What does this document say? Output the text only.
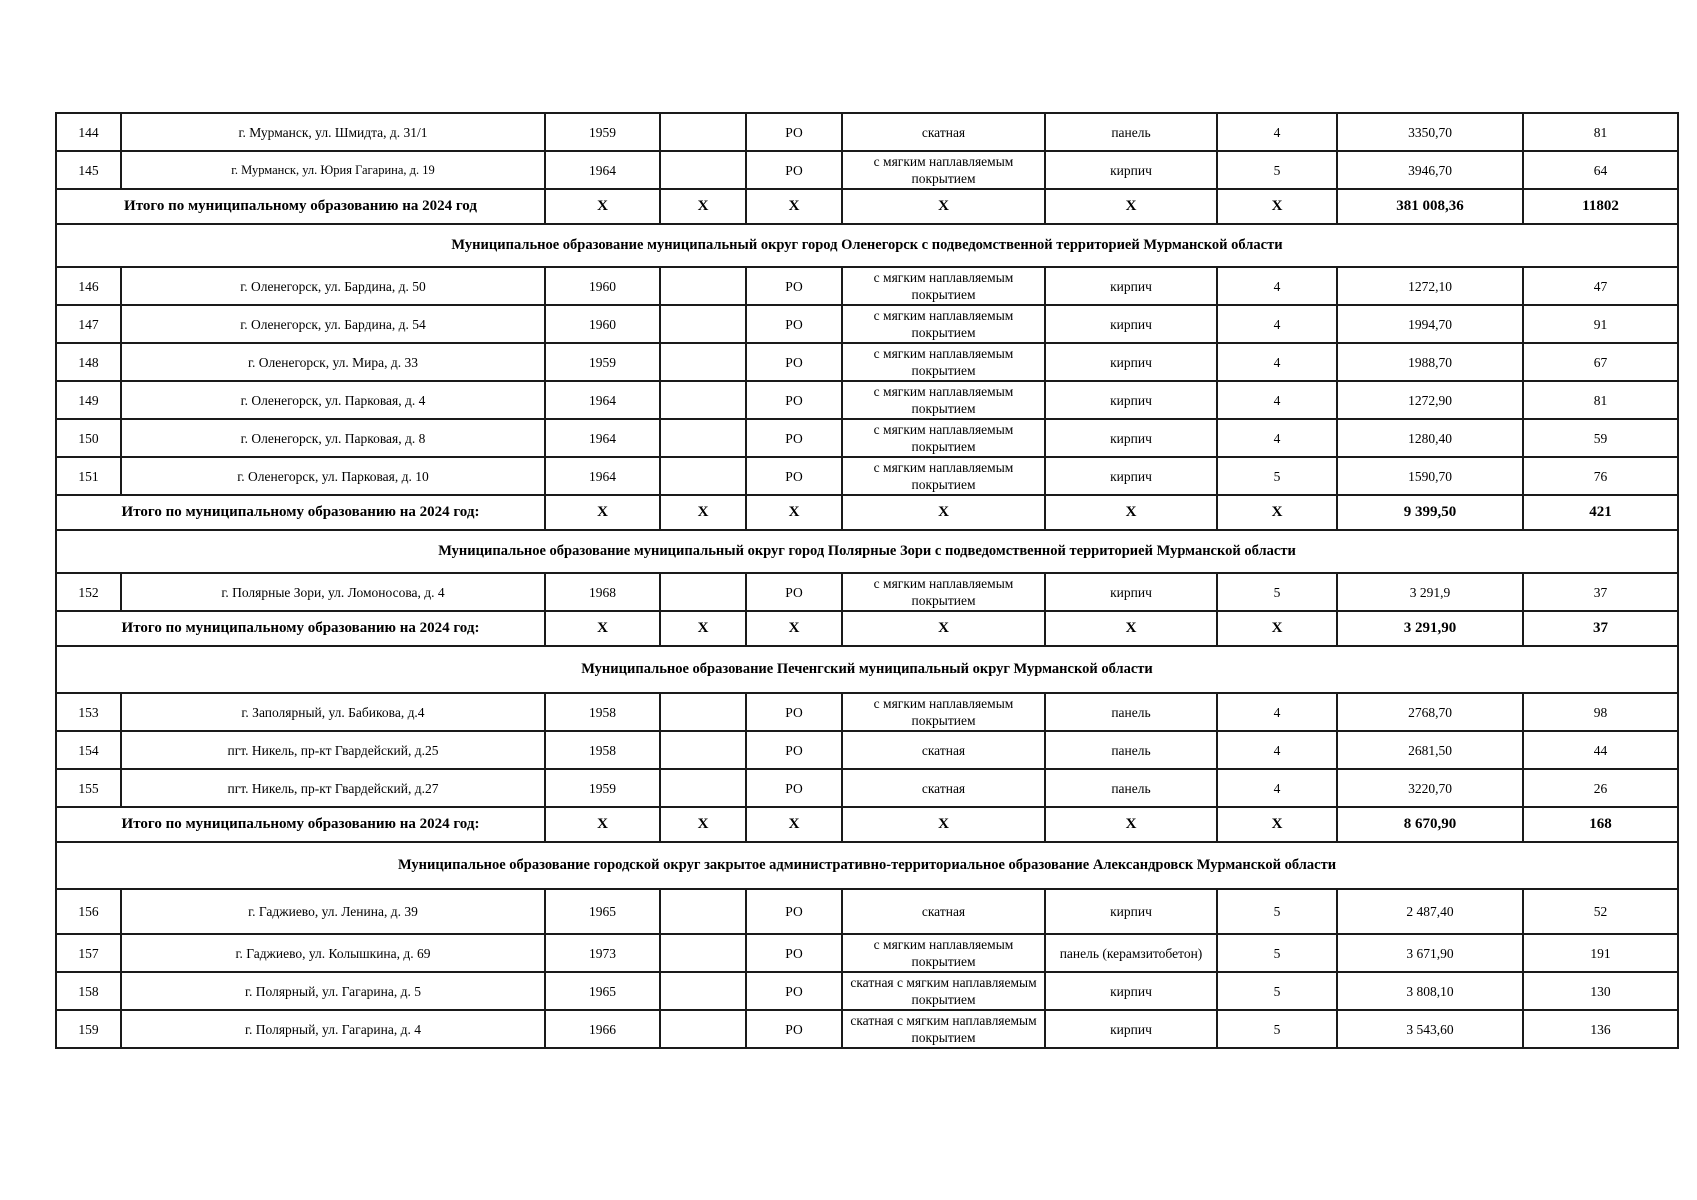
144	г. Мурманск, ул. Шмидта, д. 31/1	1959		РО	скатная	панель	4	3350,70	81
145	г. Мурманск, ул. Юрия Гагарина, д. 19	1964		РО	с мягким наплавляемым покрытием	кирпич	5	3946,70	64
Итого по муниципальному образованию на 2024 год		X	X	X	X	X	X	381 008,36	11802
Муниципальное образование муниципальный округ город Оленегорск с подведомственной территорией Мурманской области									
146	г. Оленегорск, ул. Бардина, д. 50	1960		РО	с мягким наплавляемым покрытием	кирпич	4	1272,10	47
147	г. Оленегорск, ул. Бардина, д. 54	1960		РО	с мягким наплавляемым покрытием	кирпич	4	1994,70	91
148	г. Оленегорск, ул. Мира, д. 33	1959		РО	с мягким наплавляемым покрытием	кирпич	4	1988,70	67
149	г. Оленегорск, ул. Парковая, д. 4	1964		РО	с мягким наплавляемым покрытием	кирпич	4	1272,90	81
150	г. Оленегорск, ул. Парковая, д. 8	1964		РО	с мягким наплавляемым покрытием	кирпич	4	1280,40	59
151	г. Оленегорск, ул. Парковая, д. 10	1964		РО	с мягким наплавляемым покрытием	кирпич	5	1590,70	76
Итого по муниципальному образованию на 2024 год:		X	X	X	X	X	X	9 399,50	421
Муниципальное образование муниципальный округ город Полярные Зори с подведомственной территорией Мурманской области									
152	г. Полярные Зори, ул. Ломоносова, д. 4	1968		РО	с мягким наплавляемым покрытием	кирпич	5	3 291,9	37
Итого по муниципальному образованию на 2024 год:		X	X	X	X	X	X	3 291,90	37
Муниципальное образование Печенгский муниципальный округ Мурманской области									
153	г. Заполярный, ул. Бабикова, д.4	1958		РО	с мягким наплавляемым покрытием	панель	4	2768,70	98
154	пгт. Никель, пр-кт Гвардейский, д.25	1958		РО	скатная	панель	4	2681,50	44
155	пгт. Никель, пр-кт Гвардейский, д.27	1959		РО	скатная	панель	4	3220,70	26
Итого по муниципальному образованию на 2024 год:		X	X	X	X	X	X	8 670,90	168
Муниципальное образование городской округ закрытое административно-территориальное образование Александровск Мурманской области									
156	г. Гаджиево, ул. Ленина, д. 39	1965		РО	скатная	кирпич	5	2 487,40	52
157	г. Гаджиево, ул. Колышкина, д. 69	1973		РО	с мягким наплавляемым покрытием	панель (керамзитобетон)	5	3 671,90	191
158	г. Полярный, ул. Гагарина, д. 5	1965		РО	скатная с мягким наплавляемым покрытием	кирпич	5	3 808,10	130
159	г. Полярный, ул. Гагарина, д. 4	1966		РО	скатная с мягким наплавляемым покрытием	кирпич	5	3 543,60	136
